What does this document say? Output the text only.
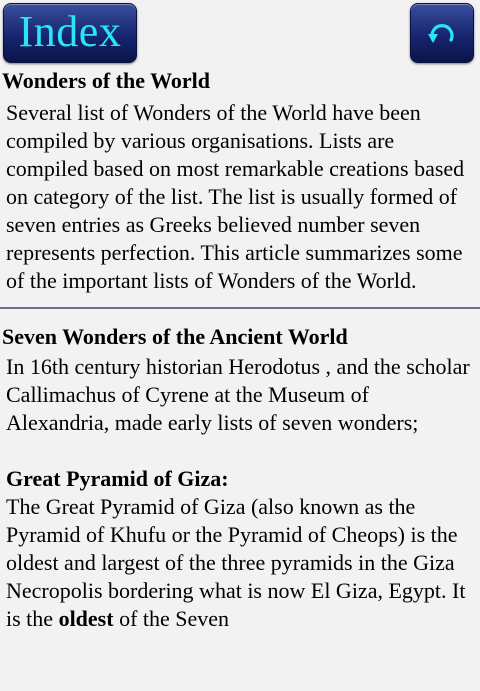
Index
Wonders of the World

Several list of Wonders of the World have been compiled by various organisations. Lists are compiled based on most remarkable creations based on category of the list. The list is usually formed of seven entries as Greeks believed number seven represents perfection. This article summarizes some of the important lists of Wonders of the World.

Seven Wonders of the Ancient World

In 16th century historian Herodotus , and the scholar Callimachus of Cyrene at the Museum of Alexandria, made early lists of seven wonders;

Great Pyramid of Giza:

The Great Pyramid of Giza (also known as the Pyramid of Khufu or the Pyramid of Cheops) is the oldest and largest of the three pyramids in the Giza Necropolis bordering what is now El Giza, Egypt. It is the oldest of the Seven
